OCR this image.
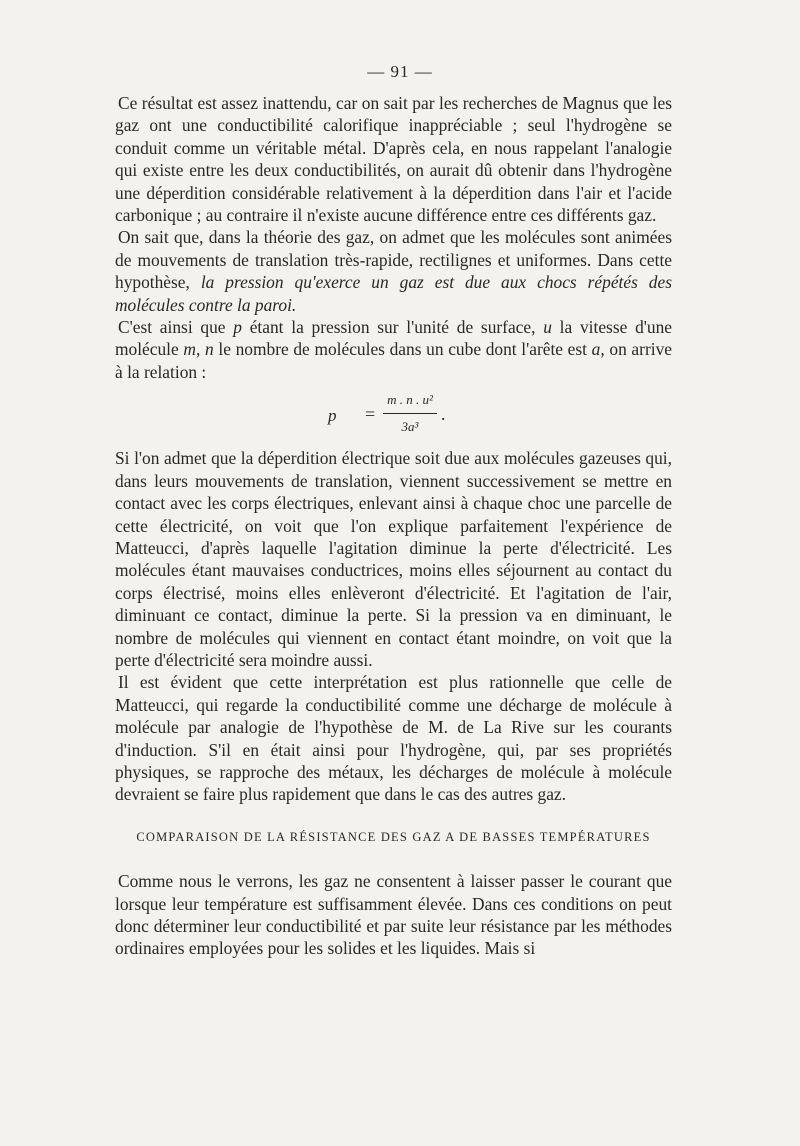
— 91 —

Ce résultat est assez inattendu, car on sait par les recherches de Magnus que les gaz ont une conductibilité calorifique inappréciable ; seul l'hydrogène se conduit comme un véritable métal. D'après cela, en nous rappelant l'analogie qui existe entre les deux conductibilités, on aurait dû obtenir dans l'hydrogène une déperdition considérable relativement à la déperdition dans l'air et l'acide carbonique ; au contraire il n'existe aucune différence entre ces différents gaz.

On sait que, dans la théorie des gaz, on admet que les molécules sont animées de mouvements de translation très-rapide, rectilignes et uniformes. Dans cette hypothèse, la pression qu'exerce un gaz est due aux chocs répétés des molécules contre la paroi.

C'est ainsi que p étant la pression sur l'unité de surface, u la vitesse d'une molécule m, n le nombre de molécules dans un cube dont l'arête est a, on arrive à la relation :

$p = \frac{\text{m . n . u²}}{\text{3a³}}$ .

Si l'on admet que la déperdition électrique soit due aux molécules gazeuses qui, dans leurs mouvements de translation, viennent successivement se mettre en contact avec les corps électriques, enlevant ainsi à chaque choc une parcelle de cette électricité, on voit que l'on explique parfaitement l'expérience de Matteucci, d'après laquelle l'agitation diminue la perte d'électricité. Les molécules étant mauvaises conductrices, moins elles séjournent au contact du corps électrisé, moins elles enlèveront d'électricité. Et l'agitation de l'air, diminuant ce contact, diminue la perte. Si la pression va en diminuant, le nombre de molécules qui viennent en contact étant moindre, on voit que la perte d'électricité sera moindre aussi.

Il est évident que cette interprétation est plus rationnelle que celle de Matteucci, qui regarde la conductibilité comme une décharge de molécule à molécule par analogie de l'hypothèse de M. de La Rive sur les courants d'induction. S'il en était ainsi pour l'hydrogène, qui, par ses propriétés physiques, se rapproche des métaux, les décharges de molécule à molécule devraient se faire plus rapidement que dans le cas des autres gaz.

COMPARAISON DE LA RÉSISTANCE DES GAZ A DE BASSES TEMPÉRATURES

Comme nous le verrons, les gaz ne consentent à laisser passer le courant que lorsque leur température est suffisamment élevée. Dans ces conditions on peut donc déterminer leur conductibilité et par suite leur résistance par les méthodes ordinaires employées pour les solides et les liquides. Mais si
